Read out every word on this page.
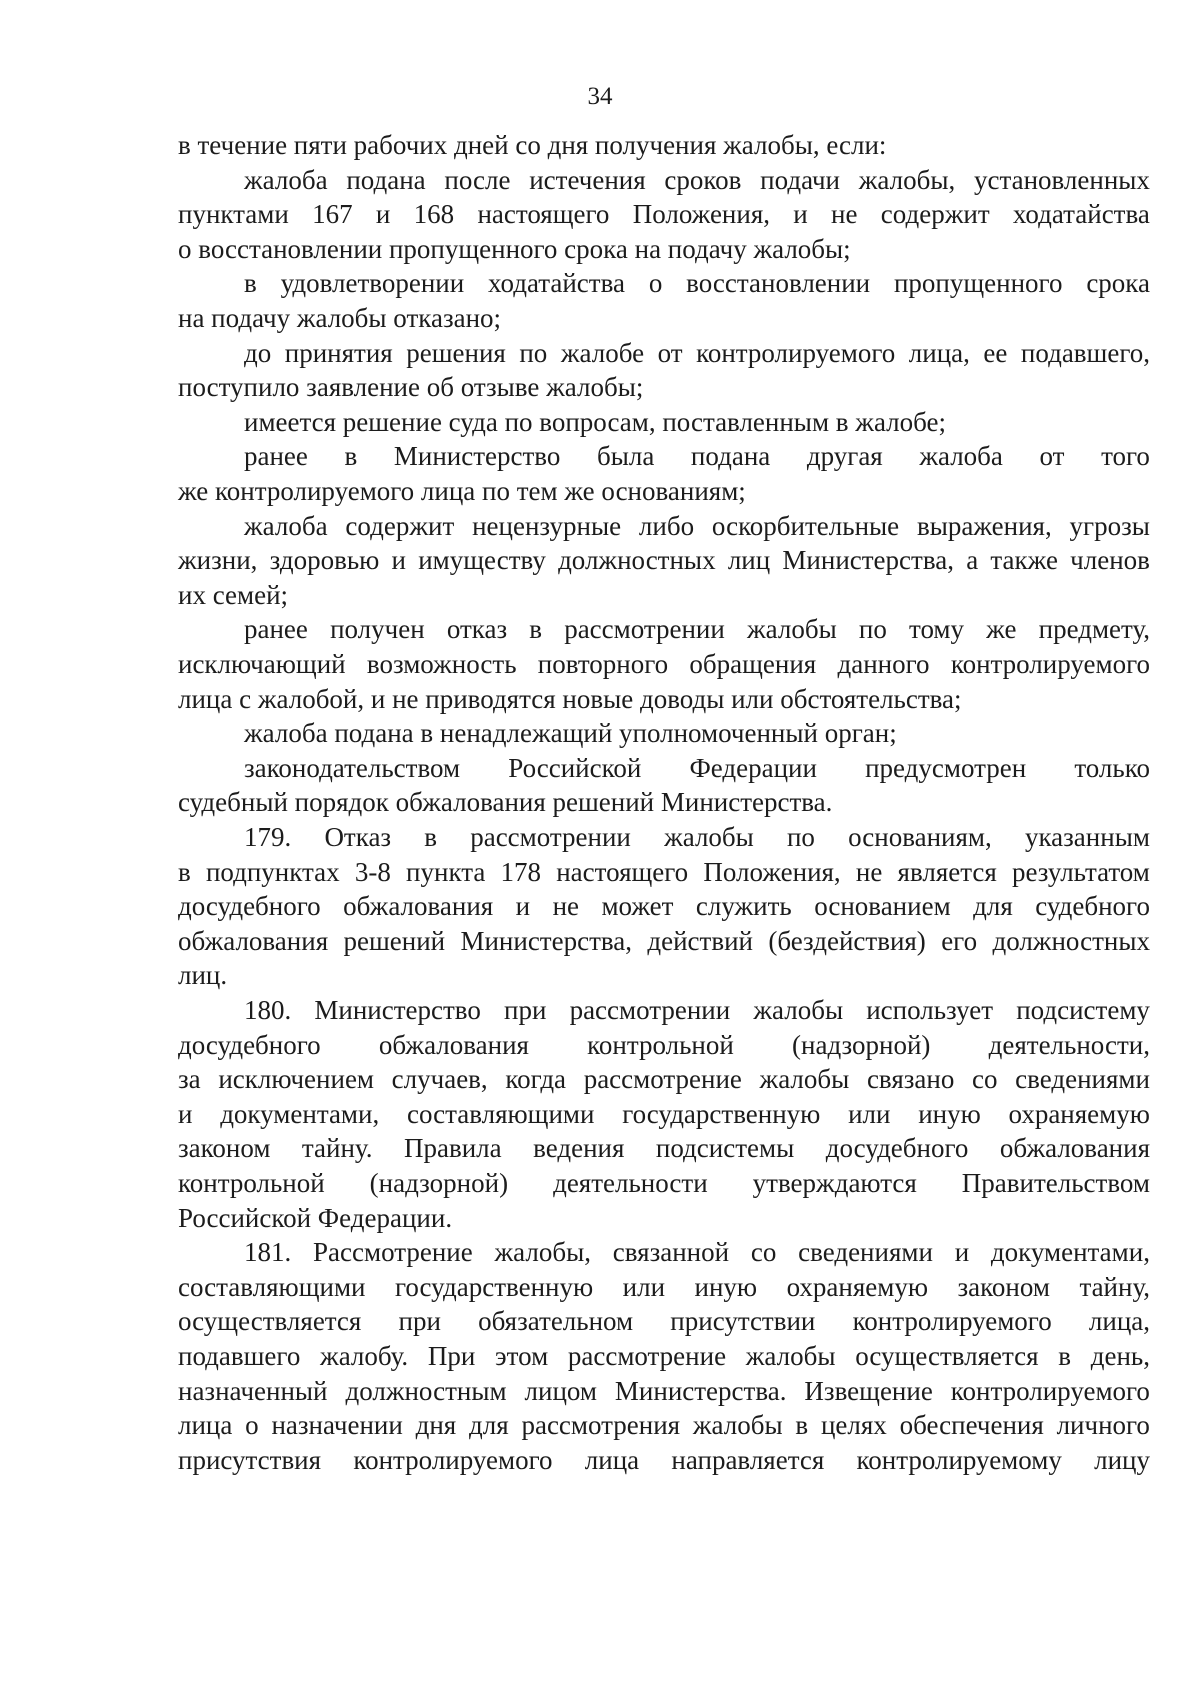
34
в течение пяти рабочих дней со дня получения жалобы, если:
жалоба подана после истечения сроков подачи жалобы, установленных
пунктами 167 и 168 настоящего Положения, и не содержит ходатайства
о восстановлении пропущенного срока на подачу жалобы;
в удовлетворении ходатайства о восстановлении пропущенного срока
на подачу жалобы отказано;
до принятия решения по жалобе от контролируемого лица, ее подавшего,
поступило заявление об отзыве жалобы;
имеется решение суда по вопросам, поставленным в жалобе;
ранее в Министерство была подана другая жалоба от того
же контролируемого лица по тем же основаниям;
жалоба содержит нецензурные либо оскорбительные выражения, угрозы
жизни, здоровью и имуществу должностных лиц Министерства, а также членов
их семей;
ранее получен отказ в рассмотрении жалобы по тому же предмету,
исключающий возможность повторного обращения данного контролируемого
лица с жалобой, и не приводятся новые доводы или обстоятельства;
жалоба подана в ненадлежащий уполномоченный орган;
законодательством Российской Федерации предусмотрен только
судебный порядок обжалования решений Министерства.
179. Отказ в рассмотрении жалобы по основаниям, указанным
в подпунктах 3-8 пункта 178 настоящего Положения, не является результатом
досудебного обжалования и не может служить основанием для судебного
обжалования решений Министерства, действий (бездействия) его должностных
лиц.
180. Министерство при рассмотрении жалобы использует подсистему
досудебного обжалования контрольной (надзорной) деятельности,
за исключением случаев, когда рассмотрение жалобы связано со сведениями
и документами, составляющими государственную или иную охраняемую
законом тайну. Правила ведения подсистемы досудебного обжалования
контрольной (надзорной) деятельности утверждаются Правительством
Российской Федерации.
181. Рассмотрение жалобы, связанной со сведениями и документами,
составляющими государственную или иную охраняемую законом тайну,
осуществляется при обязательном присутствии контролируемого лица,
подавшего жалобу. При этом рассмотрение жалобы осуществляется в день,
назначенный должностным лицом Министерства. Извещение контролируемого
лица о назначении дня для рассмотрения жалобы в целях обеспечения личного
присутствия контролируемого лица направляется контролируемому лицу
